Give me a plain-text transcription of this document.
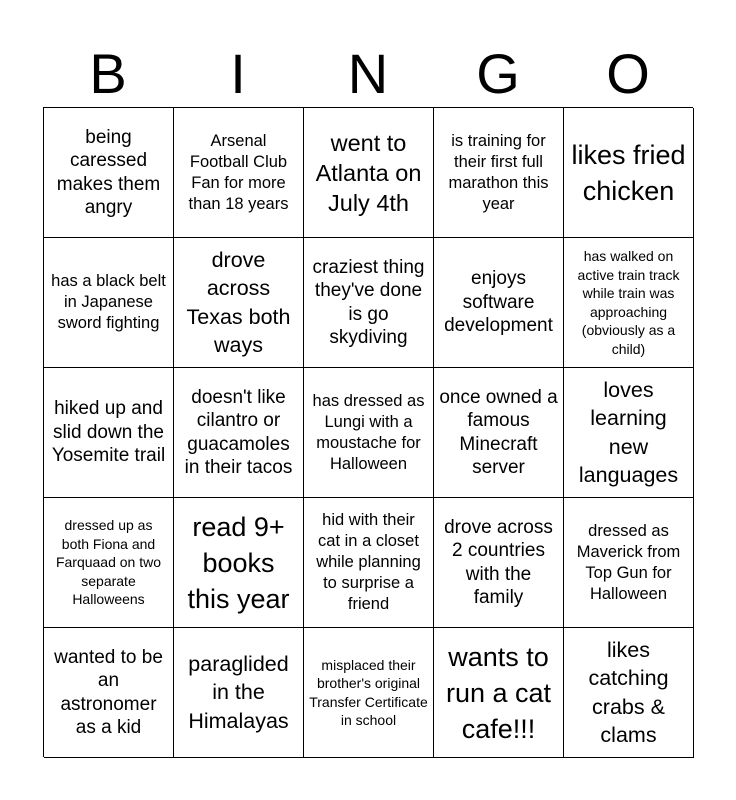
B	I	N	G	O
being caressed makes them angry
Arsenal Football Club Fan for more than 18 years
went to Atlanta on July 4th
is training for their first full marathon this year
likes fried chicken
has a black belt in Japanese sword fighting
drove across Texas both ways
craziest thing they've done is go skydiving
enjoys software development
has walked on active train track while train was approaching (obviously as a child)
hiked up and slid down the Yosemite trail
doesn't like cilantro or guacamoles in their tacos
has dressed as Lungi with a moustache for Halloween
once owned a famous Minecraft server
loves learning new languages
dressed up as both Fiona and Farquaad on two separate Halloweens
read 9+ books this year
hid with their cat in a closet while planning to surprise a friend
drove across 2 countries with the family
dressed as Maverick from Top Gun for Halloween
wanted to be an astronomer as a kid
paraglided in the Himalayas
misplaced their brother's original Transfer Certificate in school
wants to run a cat cafe!!!
likes catching crabs & clams
